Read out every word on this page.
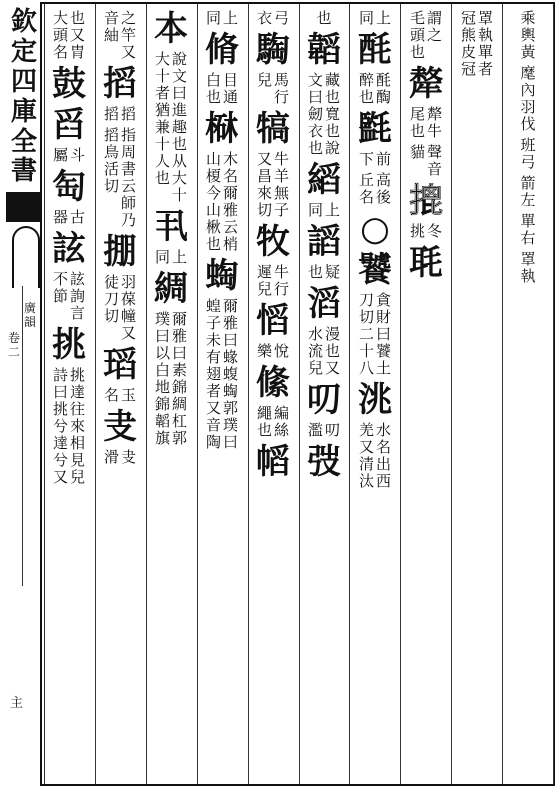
欽
定
四
庫
全
書
廣
韻
卷
二
主
乘
輿
黃
麾
內
羽
伐
班
弓
箭
左
單
右
罩
執
罩
執
單
者
冠
熊
皮
冠
謂
之
毛
頭
也
犛
犛
牛
尾
也
聲
音
貓
𢱧
冬
挑
毦
上
同
酕
酕
醄
醉
也
㲯
前
下
高
後
丘
名
○
饕
貪
財
曰
饕
土
刀
切
二
十
八
洮
水
名
出
西
羌
又
清
汰
也
韜
藏
也
寬
也
說
文
曰
劒
衣
也
縚
上
同
謟
疑
也
滔
漫
也
又
水
流
兒
叨
叨
濫
弢
弓
衣
騊
馬
行
兒
犒
牛
羊
無
子
又
昌
來
切
牧
牛
行
遲
兒
慆
悅
樂
絛
編
絲
繩
也
幍
上
同
脩
目
通
白
也
㮟
木
名
爾
雅
云
梢
山
榎
今
山
楸
也
蜪
爾
雅
曰
蝝
蝮
蜪
郭
璞
曰
蝗
子
未
有
翅
者
又
音
陶
本
說
文
曰
進
趣
也
从
大
十
大
十
者
猶
兼
十
人
也
丮
上
同
綢
爾
雅
曰
素
錦
綢
杠
郭
璞
曰
以
白
地
錦
韜
旗
之
竿
又
音
紬
搯
搯
搯
指
周
書
云
師
乃
搯
鳥
活
切
掤
羽
葆
幢
又
徒
刀
切
瑫
玉
名
叏
叏
滑
也
又
胄
大
頭
名
鼓
舀
斗
屬
匋
古
器
詃
詃
詢
言
不
節
挑
挑
達
往
來
相
見
兒
詩
曰
挑
兮
達
兮
又
